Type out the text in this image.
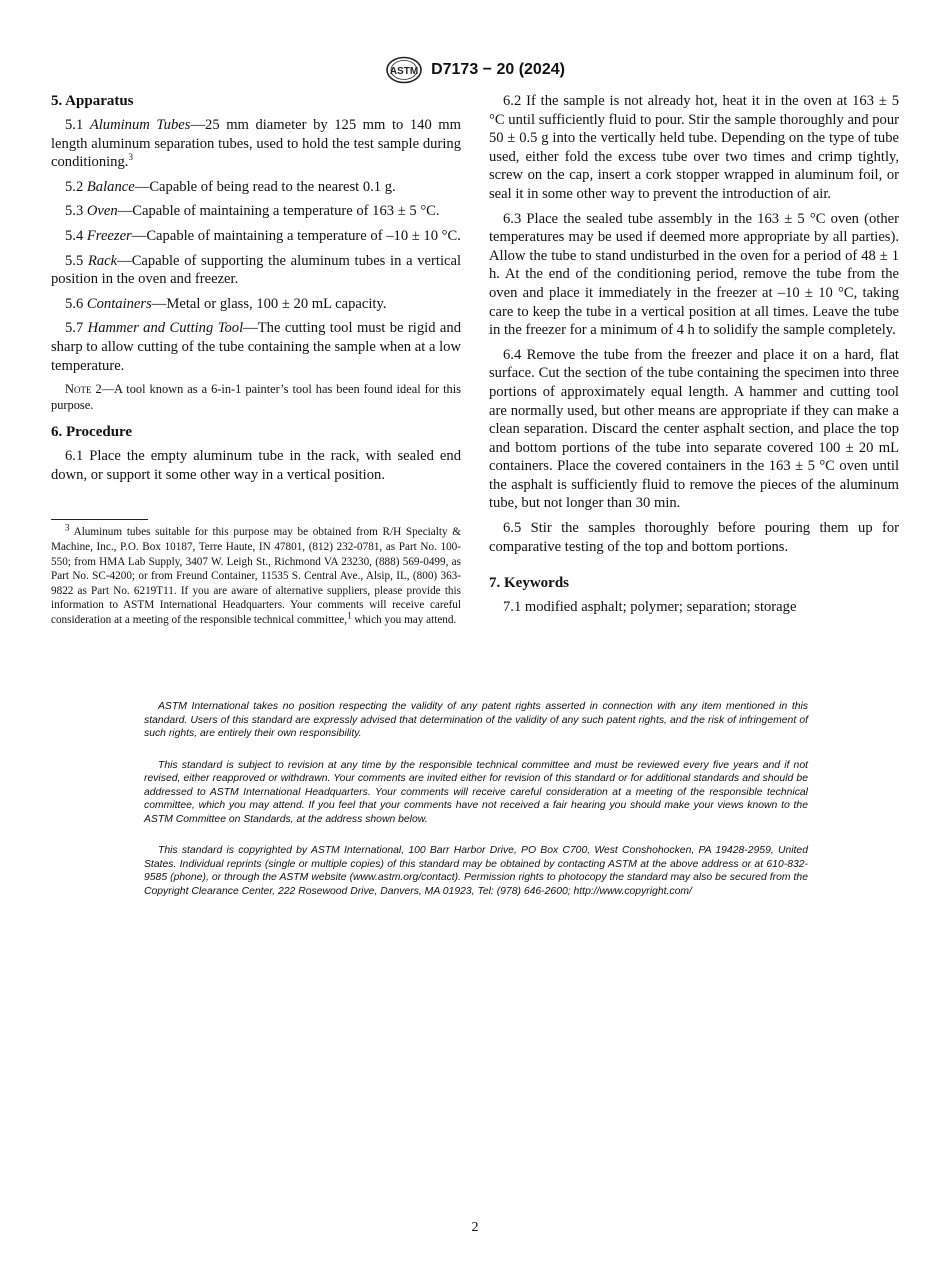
ASTM D7173 − 20 (2024)
5. Apparatus

5.1 Aluminum Tubes—25 mm diameter by 125 mm to 140 mm length aluminum separation tubes, used to hold the test sample during conditioning.$^3$

5.2 Balance—Capable of being read to the nearest 0.1 g.

5.3 Oven—Capable of maintaining a temperature of 163 ± 5 °C.

5.4 Freezer—Capable of maintaining a temperature of –10 ± 10 °C.

5.5 Rack—Capable of supporting the aluminum tubes in a vertical position in the oven and freezer.

5.6 Containers—Metal or glass, 100 ± 20 mL capacity.

5.7 Hammer and Cutting Tool—The cutting tool must be rigid and sharp to allow cutting of the tube containing the sample when at a low temperature.

Note 2—A tool known as a 6-in-1 painter’s tool has been found ideal for this purpose.
6. Procedure

6.1 Place the empty aluminum tube in the rack, with sealed end down, or support it some other way in a vertical position.

$^3$ Aluminum tubes suitable for this purpose may be obtained from R/H Specialty & Machine, Inc., P.O. Box 10187, Terre Haute, IN 47801, (812) 232-0781, as Part No. 100-550; from HMA Lab Supply, 3407 W. Leigh St., Richmond VA 23230, (888) 569-0499, as Part No. SC-4200; or from Freund Container, 11535 S. Central Ave., Alsip, IL, (800) 363-9822 as Part No. 6219T11. If you are aware of alternative suppliers, please provide this information to ASTM International Headquarters. Your comments will receive careful consideration at a meeting of the responsible technical committee,$^1$ which you may attend.

6.2 If the sample is not already hot, heat it in the oven at 163 ± 5 °C until sufficiently fluid to pour. Stir the sample thoroughly and pour 50 ± 0.5 g into the vertically held tube. Depending on the type of tube used, either fold the excess tube over two times and crimp tightly, screw on the cap, insert a cork stopper wrapped in aluminum foil, or seal it in some other way to prevent the introduction of air.

6.3 Place the sealed tube assembly in the 163 ± 5 °C oven (other temperatures may be used if deemed more appropriate by all parties). Allow the tube to stand undisturbed in the oven for a period of 48 ± 1 h. At the end of the conditioning period, remove the tube from the oven and place it immediately in the freezer at –10 ± 10 °C, taking care to keep the tube in a vertical position at all times. Leave the tube in the freezer for a minimum of 4 h to solidify the sample completely.

6.4 Remove the tube from the freezer and place it on a hard, flat surface. Cut the section of the tube containing the specimen into three portions of approximately equal length. A hammer and cutting tool are normally used, but other means are appropriate if they can make a clean separation. Discard the center asphalt section, and place the top and bottom portions of the tube into separate covered 100 ± 20 mL containers. Place the covered containers in the 163 ± 5 °C oven until the asphalt is sufficiently fluid to remove the pieces of the aluminum tube, but not longer than 30 min.

6.5 Stir the samples thoroughly before pouring them up for comparative testing of the top and bottom portions.

7. Keywords

7.1 modified asphalt; polymer; separation; storage

ASTM International takes no position respecting the validity of any patent rights asserted in connection with any item mentioned in this standard. Users of this standard are expressly advised that determination of the validity of any such patent rights, and the risk of infringement of such rights, are entirely their own responsibility.

This standard is subject to revision at any time by the responsible technical committee and must be reviewed every five years and if not revised, either reapproved or withdrawn. Your comments are invited either for revision of this standard or for additional standards and should be addressed to ASTM International Headquarters. Your comments will receive careful consideration at a meeting of the responsible technical committee, which you may attend. If you feel that your comments have not received a fair hearing you should make your views known to the ASTM Committee on Standards, at the address shown below.

This standard is copyrighted by ASTM International, 100 Barr Harbor Drive, PO Box C700, West Conshohocken, PA 19428-2959, United States. Individual reprints (single or multiple copies) of this standard may be obtained by contacting ASTM at the above address or at 610-832-9585 (phone), or through the ASTM website (www.astm.org/contact). Permission rights to photocopy the standard may also be secured from the Copyright Clearance Center, 222 Rosewood Drive, Danvers, MA 01923, Tel: (978) 646-2600; http://www.copyright.com/

2
